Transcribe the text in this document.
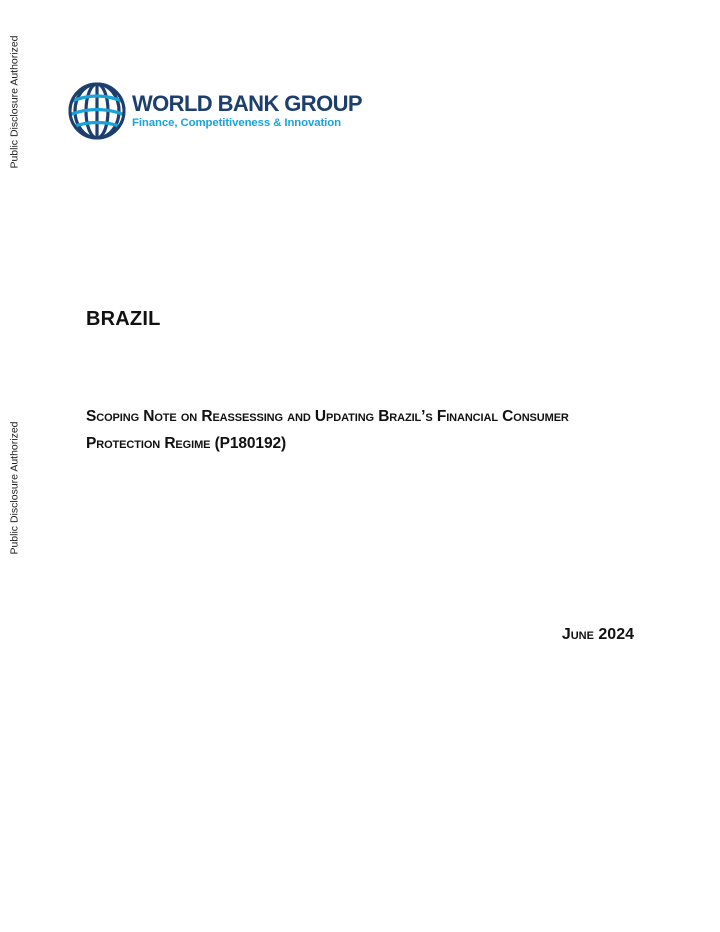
Public Disclosure Authorized
Public Disclosure Authorized
WORLD BANK GROUP
Finance, Competitiveness & Innovation
BRAZIL
Scoping Note on Reassessing and Updating Brazil’s Financial Consumer Protection Regime (P180192)
June 2024
